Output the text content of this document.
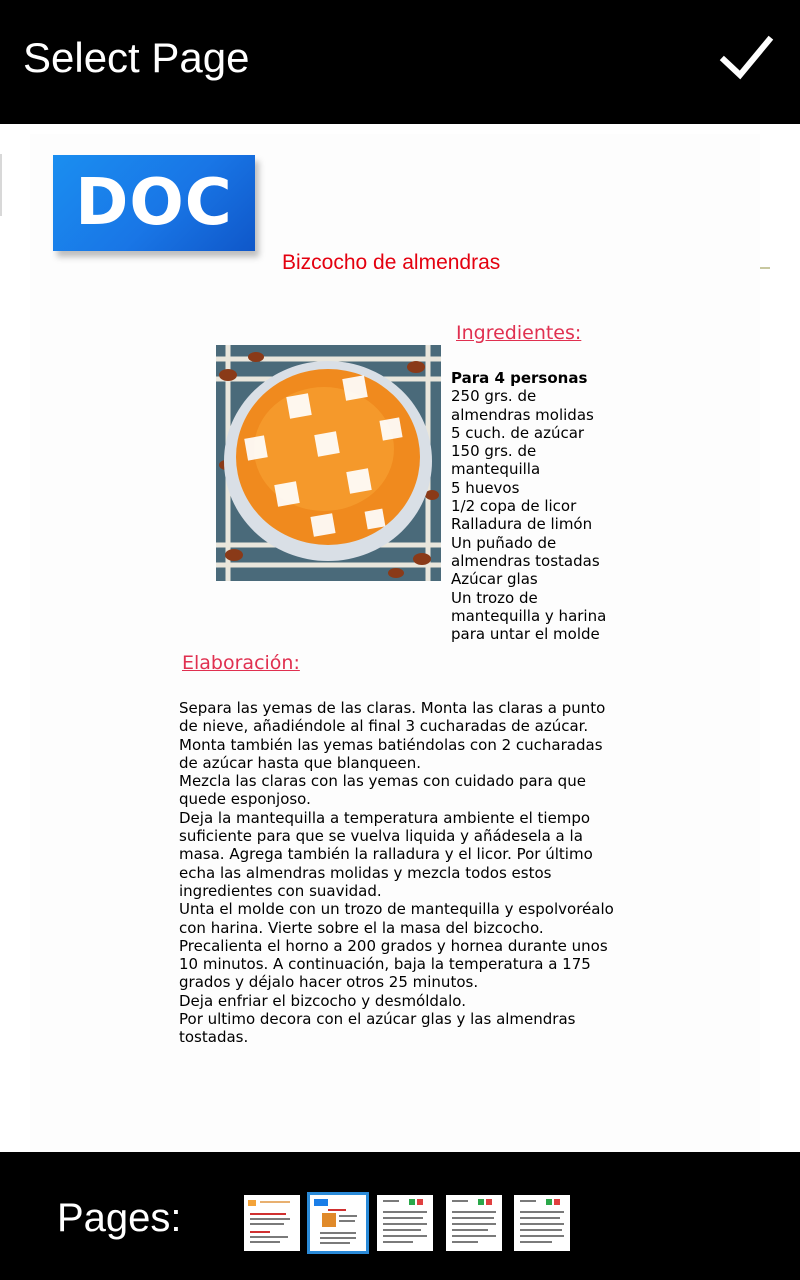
Select Page
DOC
Bizcocho de almendras
Ingredientes:
Para 4 personas
250 grs. de
almendras molidas
5 cuch. de azúcar
150 grs. de
mantequilla
5 huevos
1/2 copa de licor
Ralladura de limón
Un puñado de
almendras tostadas
Azúcar glas
Un trozo de
mantequilla y harina
para untar el molde
Elaboración:
Separa las yemas de las claras. Monta las claras a punto
de nieve, añadiéndole al final 3 cucharadas de azúcar.
Monta también las yemas batiéndolas con 2 cucharadas
de azúcar hasta que blanqueen.
Mezcla las claras con las yemas con cuidado para que
quede esponjoso.
Deja la mantequilla a temperatura ambiente el tiempo
suficiente para que se vuelva liquida y añádesela a la
masa. Agrega también la ralladura y el licor. Por último
echa las almendras molidas y mezcla todos estos
ingredientes con suavidad.
Unta el molde con un trozo de mantequilla y espolvoréalo
con harina. Vierte sobre el la masa del bizcocho.
Precalienta el horno a 200 grados y hornea durante unos
10 minutos. A continuación, baja la temperatura a 175
grados y déjalo hacer otros 25 minutos.
Deja enfriar el bizcocho y desmóldalo.
Por ultimo decora con el azúcar glas y las almendras
tostadas.
Pages:
